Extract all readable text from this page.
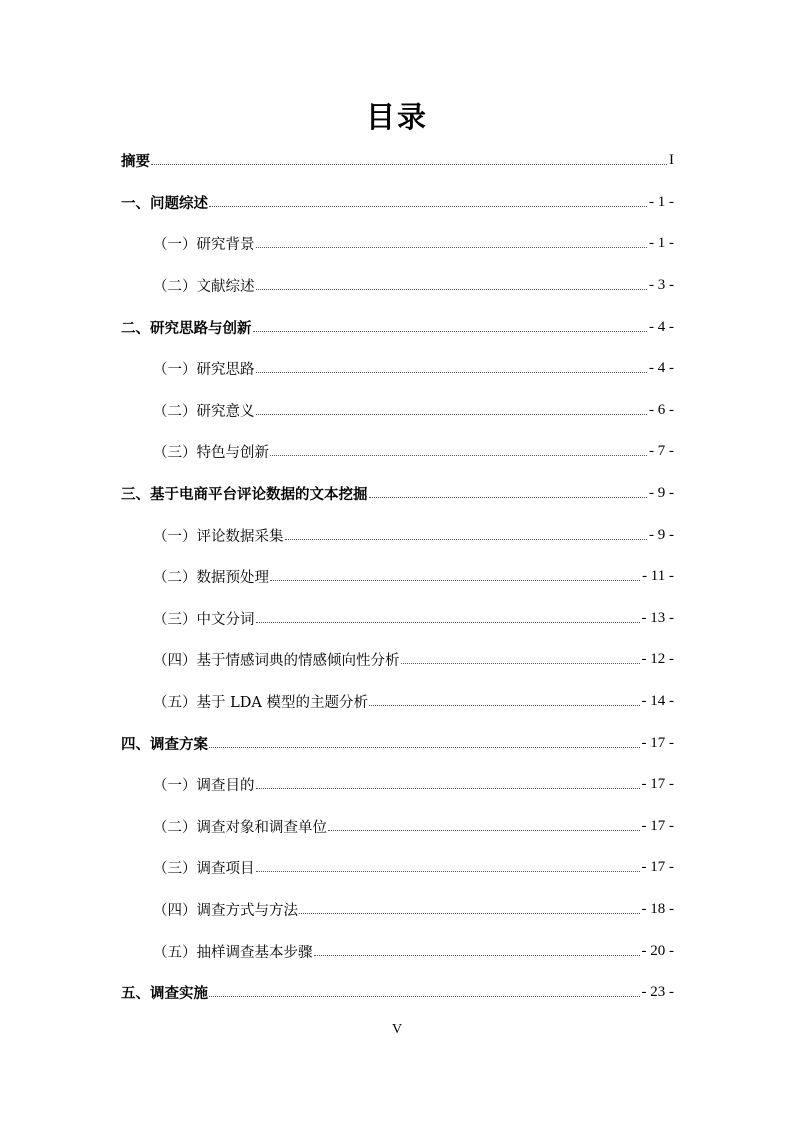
目录
摘要	I
一、问题综述	- 1 -
（一）研究背景	- 1 -
（二）文献综述	- 3 -
二、研究思路与创新	- 4 -
（一）研究思路	- 4 -
（二）研究意义	- 6 -
（三）特色与创新	- 7 -
三、基于电商平台评论数据的文本挖掘	- 9 -
（一）评论数据采集	- 9 -
（二）数据预处理	- 11 -
（三）中文分词	- 13 -
（四）基于情感词典的情感倾向性分析	- 12 -
（五）基于 LDA 模型的主题分析	- 14 -
四、调查方案	- 17 -
（一）调查目的	- 17 -
（二）调查对象和调查单位	- 17 -
（三）调查项目	- 17 -
（四）调查方式与方法	- 18 -
（五）抽样调查基本步骤	- 20 -
五、调查实施	- 23 -
V
